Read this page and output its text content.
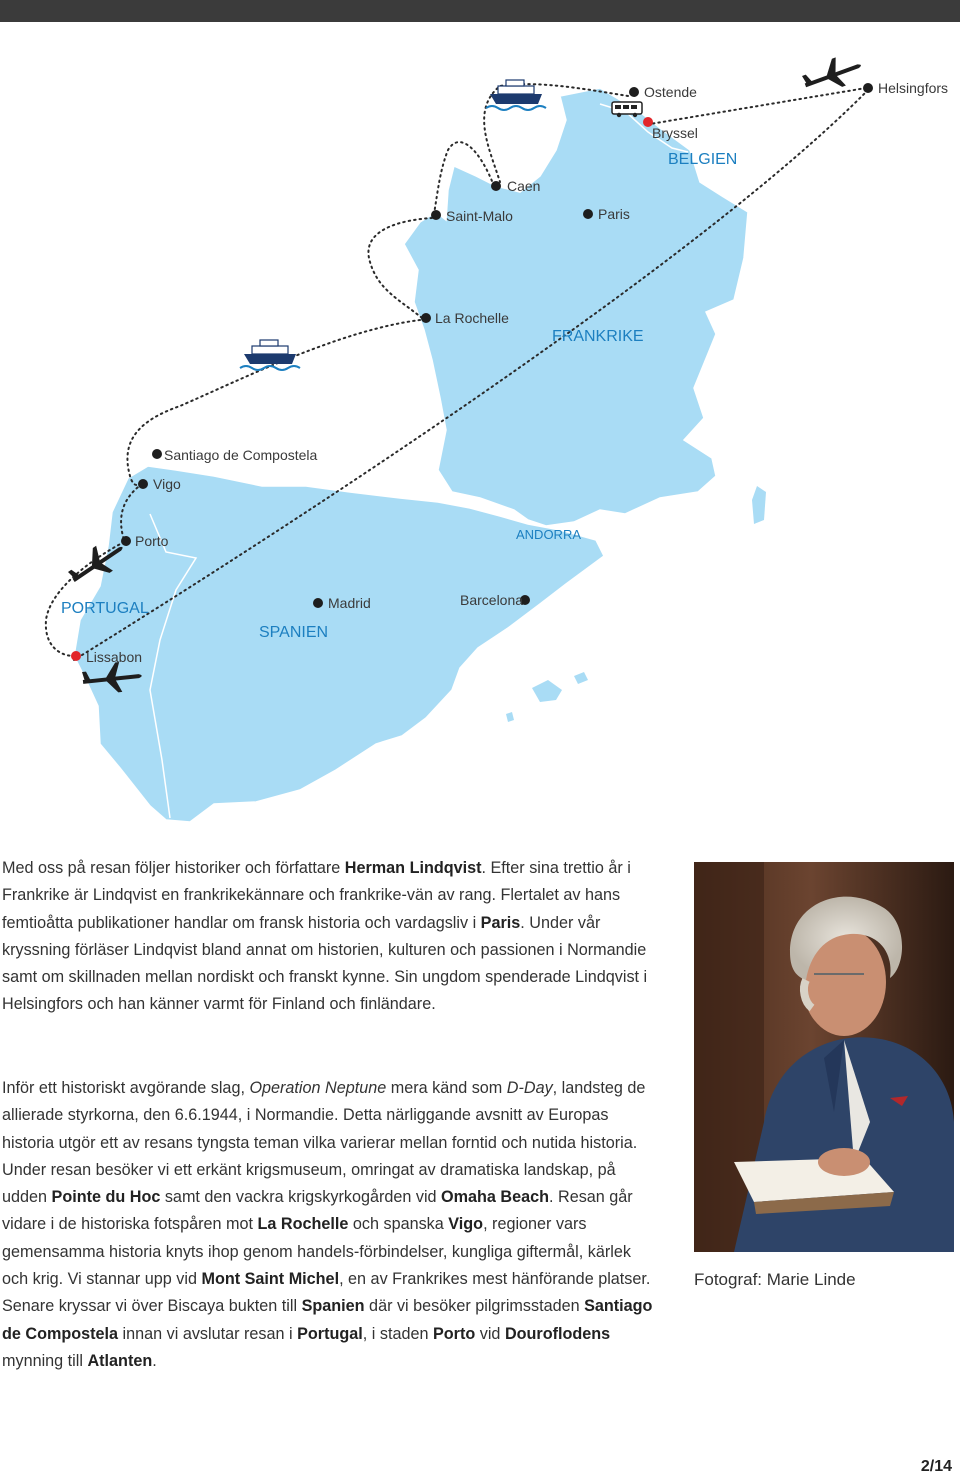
Helsingfors
Ostende
Bryssel
Caen
Paris
Saint-Malo
La Rochelle
Santiago de Compostela
Vigo
Porto
Madrid	Barcelona
Lissabon
BELGIEN
FRANKRIKE
ANDORRA
PORTUGAL
SPANIEN
Med oss på resan följer historiker och författare Herman Lindqvist. Efter sina trettio år i Frankrike är Lindqvist en frankrikekännare och frankrike-vän av rang. Flertalet av hans femtioåtta publikationer handlar om fransk historia och vardagsliv i Paris. Under vår kryssning förläser Lindqvist bland annat om historien, kulturen och passionen i Normandie samt om skillnaden mellan nordiskt och franskt kynne. Sin ungdom spenderade Lindqvist i Helsingfors och han känner varmt för Finland och finländare.
Inför ett historiskt avgörande slag, Operation Neptune mera känd som D-Day, landsteg de allierade styrkorna, den 6.6.1944, i Normandie. Detta närliggande avsnitt av Europas historia utgör ett av resans tyngsta teman vilka varierar mellan forntid och nutida historia. Under resan besöker vi ett erkänt krigsmuseum, omringat av dramatiska landskap, på udden Pointe du Hoc samt den vackra krigskyrkogården vid Omaha Beach. Resan går vidare i de historiska fotspåren mot La Rochelle och spanska Vigo, regioner vars gemensamma historia knyts ihop genom handels-förbindelser, kungliga giftermål, kärlek och krig. Vi stannar upp vid Mont Saint Michel, en av Frankrikes mest hänförande platser. Senare kryssar vi över Biscaya bukten till Spanien där vi besöker pilgrimsstaden Santiago de Compostela innan vi avslutar resan i Portugal, i staden Porto vid Douroflodens mynning till Atlanten.
Fotograf: Marie Linde
2/14
